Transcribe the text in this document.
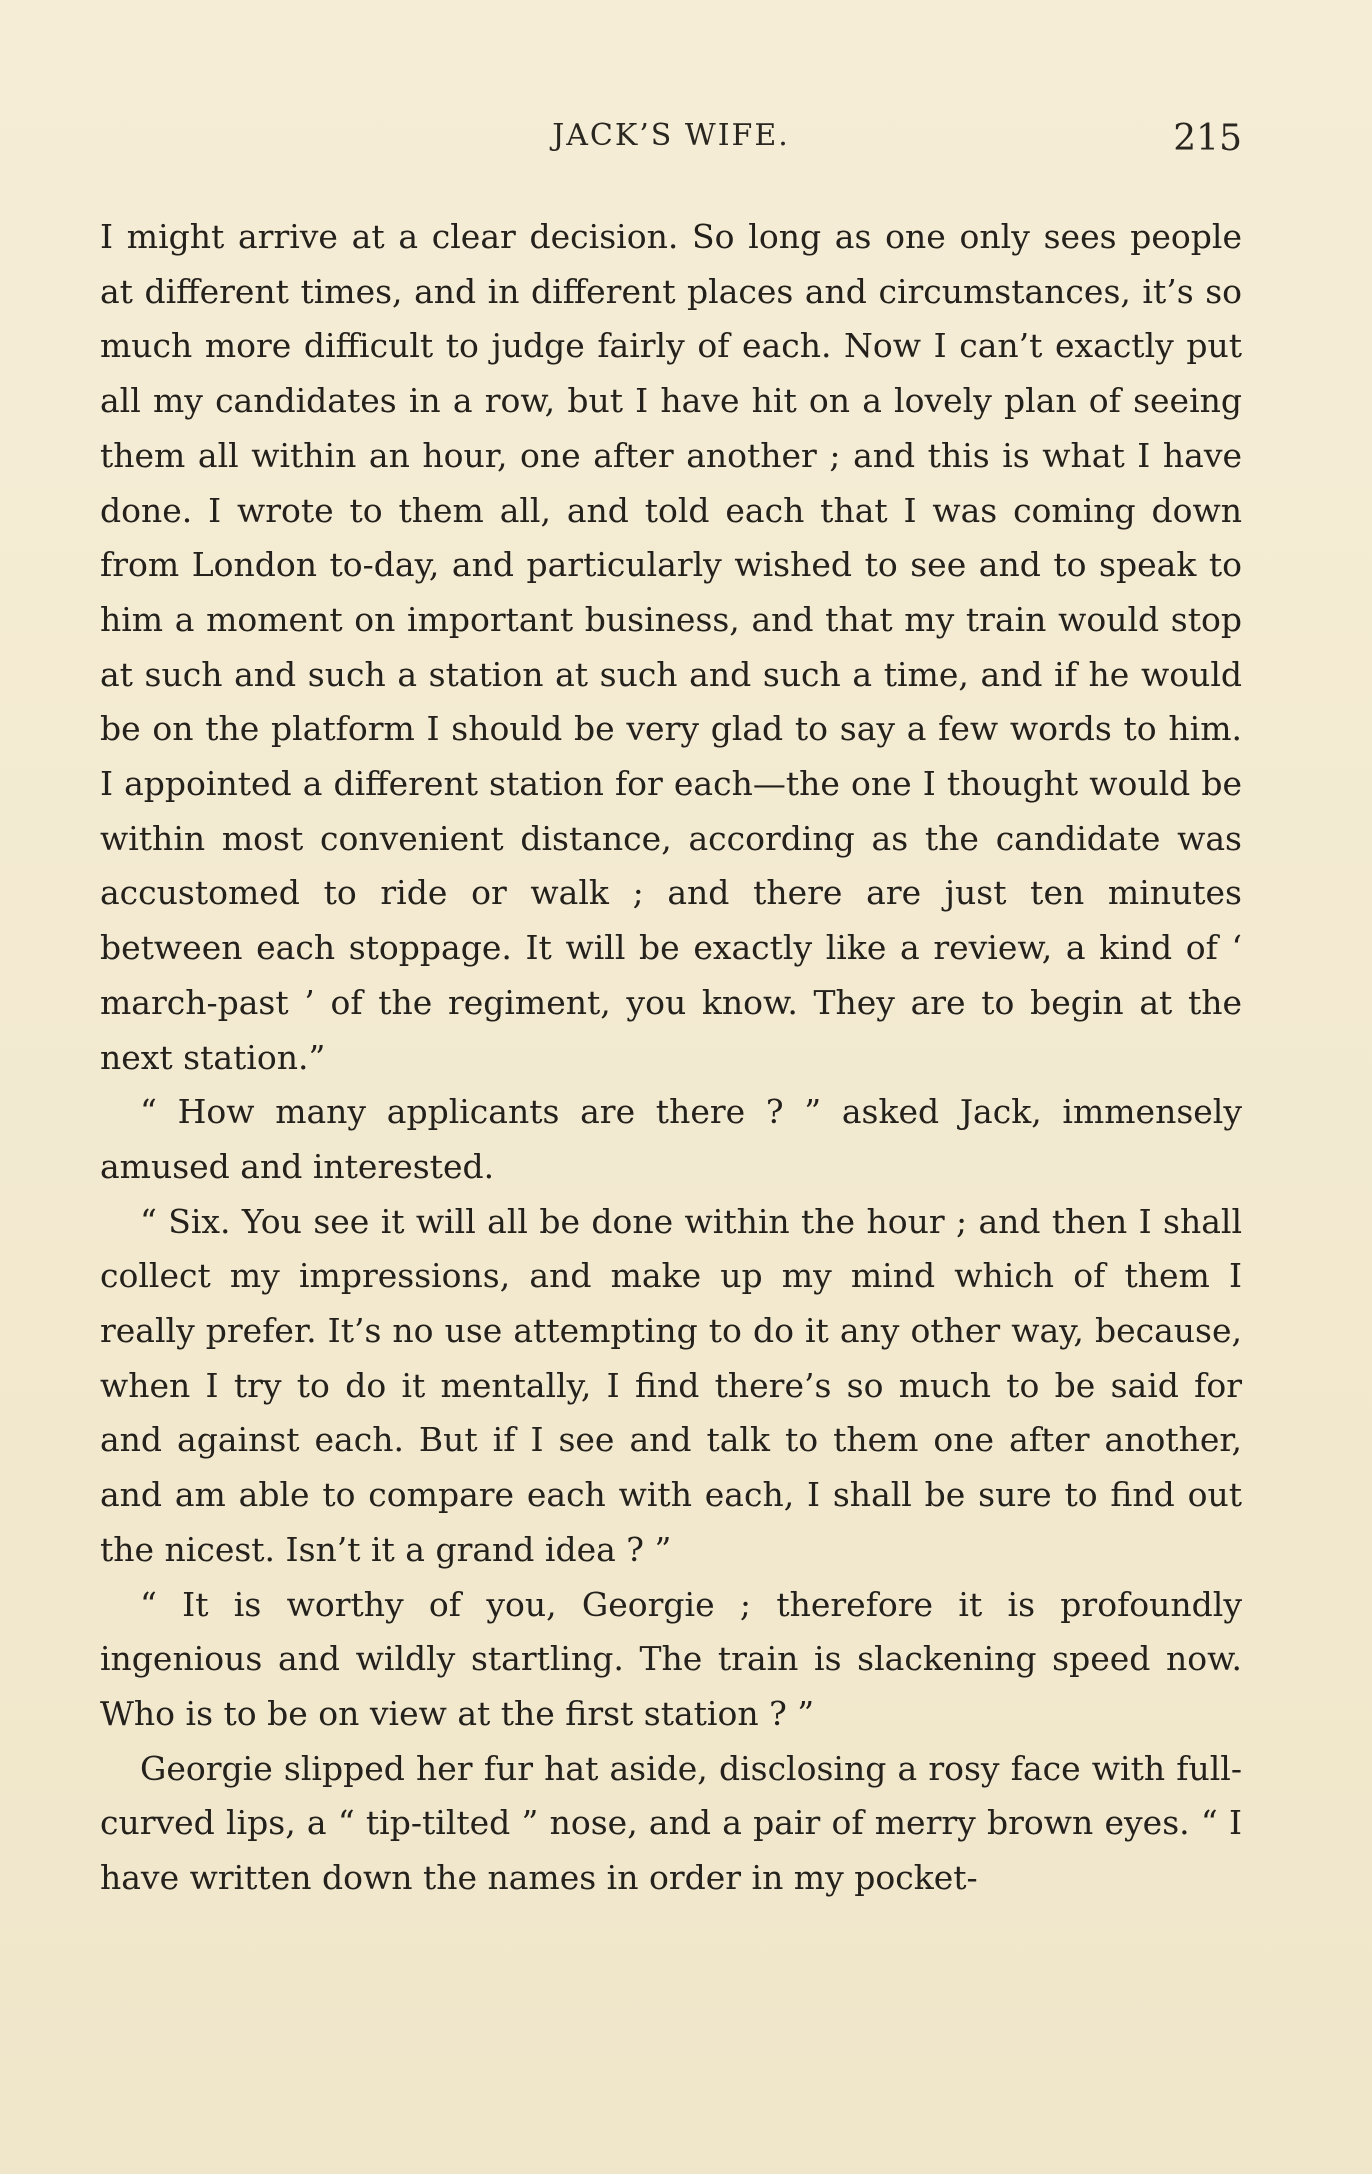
JACK’S WIFE.	215

I might arrive at a clear decision. So long as one only sees people at different times, and in different places and circumstances, it’s so much more difficult to judge fairly of each. Now I can’t exactly put all my candidates in a row, but I have hit on a lovely plan of seeing them all within an hour, one after another ; and this is what I have done. I wrote to them all, and told each that I was coming down from London to-day, and particularly wished to see and to speak to him a moment on important business, and that my train would stop at such and such a station at such and such a time, and if he would be on the platform I should be very glad to say a few words to him. I appointed a different station for each—the one I thought would be within most convenient distance, according as the candidate was accustomed to ride or walk ; and there are just ten minutes between each stoppage. It will be exactly like a review, a kind of ‘ march-past ’ of the regiment, you know. They are to begin at the next station.”

“ How many applicants are there ? ” asked Jack, immensely amused and interested.

“ Six. You see it will all be done within the hour ; and then I shall collect my impressions, and make up my mind which of them I really prefer. It’s no use attempting to do it any other way, because, when I try to do it mentally, I find there’s so much to be said for and against each. But if I see and talk to them one after another, and am able to compare each with each, I shall be sure to find out the nicest. Isn’t it a grand idea ? ”

“ It is worthy of you, Georgie ; therefore it is profoundly ingenious and wildly startling. The train is slackening speed now. Who is to be on view at the first station ? ”

Georgie slipped her fur hat aside, disclosing a rosy face with full-curved lips, a “ tip-tilted ” nose, and a pair of merry brown eyes. “ I have written down the names in order in my pocket-
